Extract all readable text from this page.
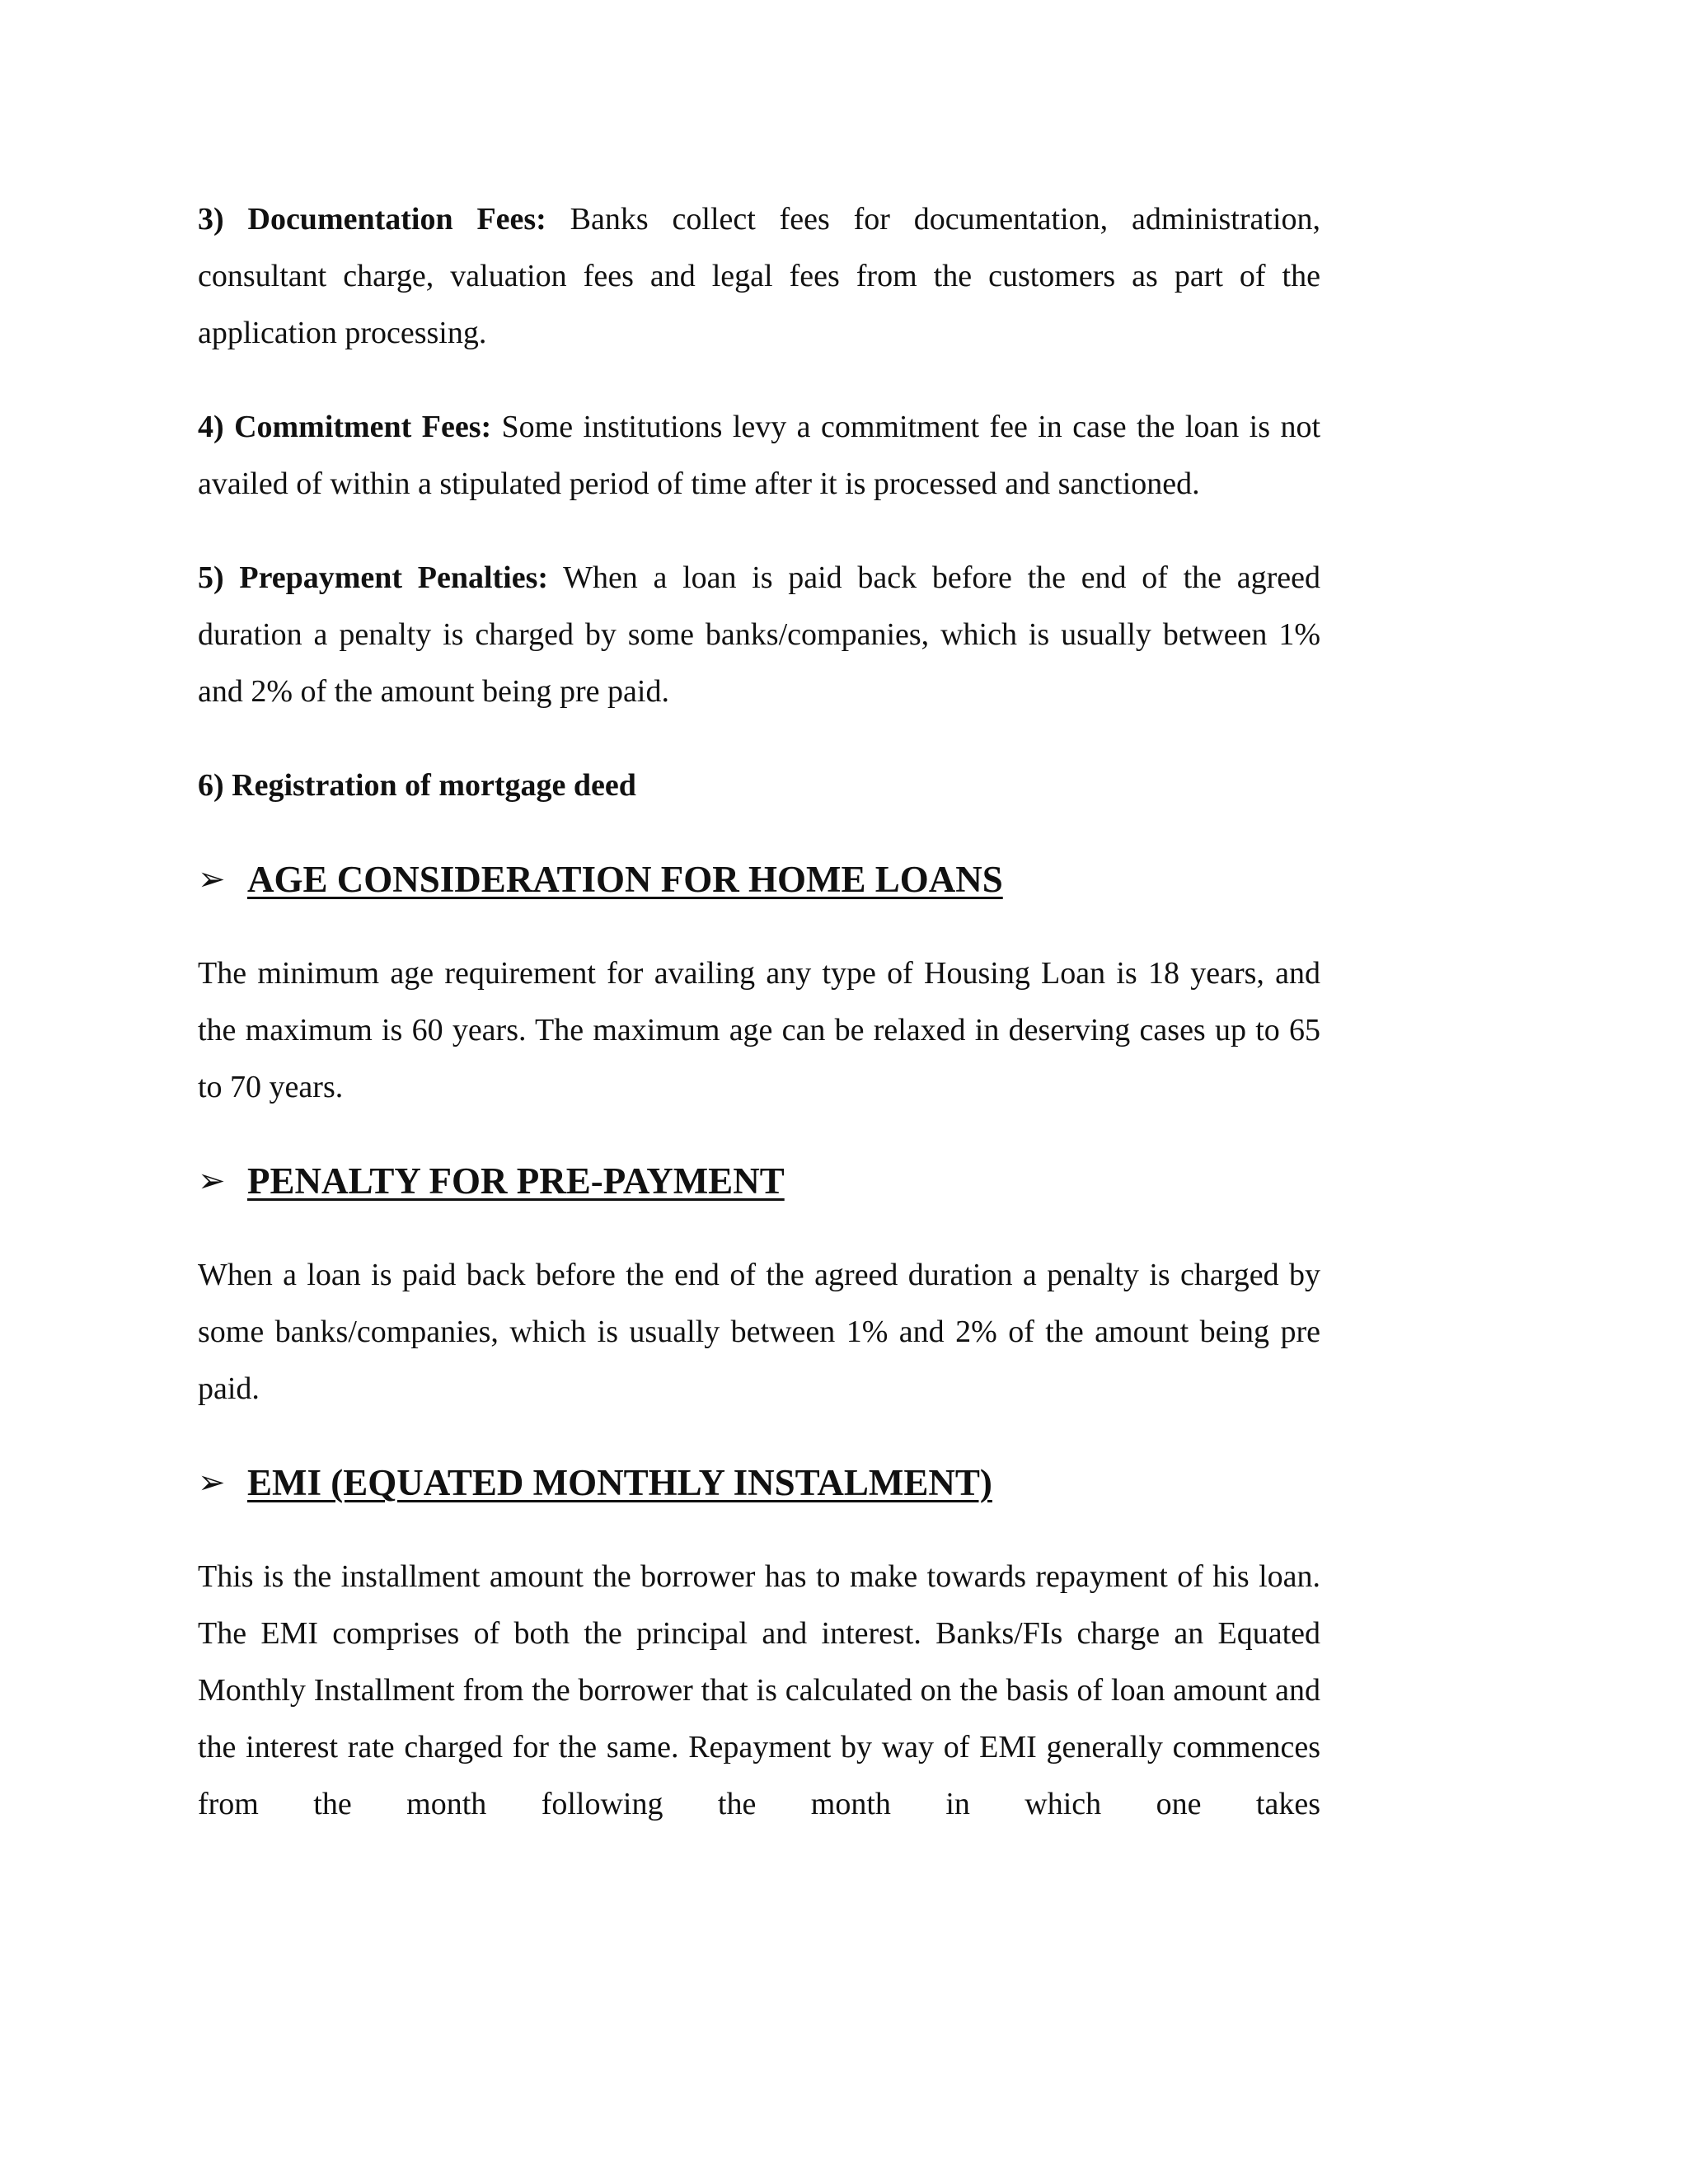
3) Documentation Fees: Banks collect fees for documentation, administration, consultant charge, valuation fees and legal fees from the customers as part of the application processing.

4) Commitment Fees: Some institutions levy a commitment fee in case the loan is not availed of within a stipulated period of time after it is processed and sanctioned.

5) Prepayment Penalties: When a loan is paid back before the end of the agreed duration a penalty is charged by some banks/companies, which is usually between 1% and 2% of the amount being pre paid.

6) Registration of mortgage deed

➢ AGE CONSIDERATION FOR HOME LOANS

The minimum age requirement for availing any type of Housing Loan is 18 years, and the maximum is 60 years. The maximum age can be relaxed in deserving cases up to 65 to 70 years.

➢ PENALTY FOR PRE-PAYMENT

When a loan is paid back before the end of the agreed duration a penalty is charged by some banks/companies, which is usually between 1% and 2% of the amount being pre paid.

➢ EMI (EQUATED MONTHLY INSTALMENT)

This is the installment amount the borrower has to make towards repayment of his loan. The EMI comprises of both the principal and interest. Banks/FIs charge an Equated Monthly Installment from the borrower that is calculated on the basis of loan amount and the interest rate charged for the same. Repayment by way of EMI generally commences from the month following the month in which one takes
